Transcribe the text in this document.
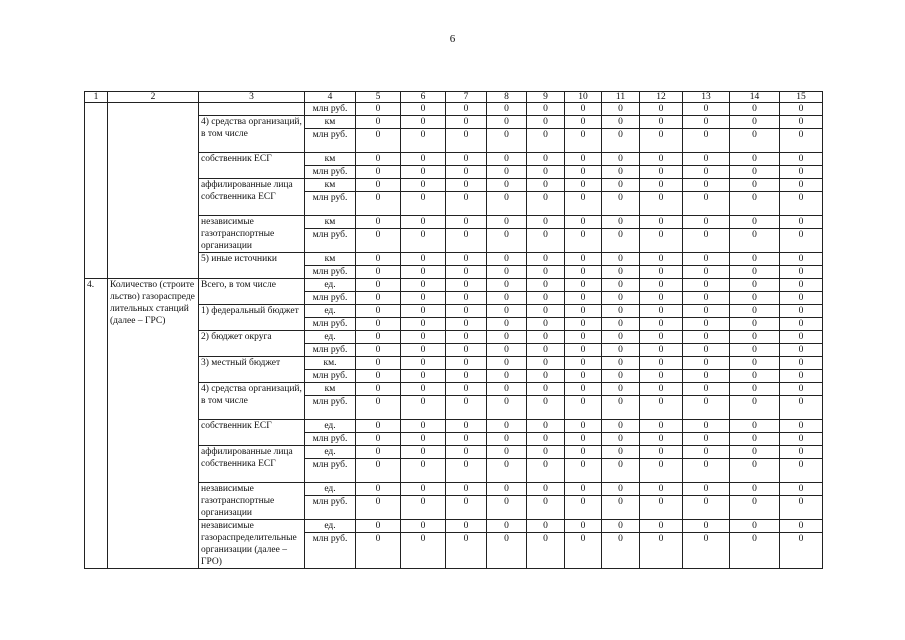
6
1	2	3	4	5	6	7	8	9	10	11	12	13	14	15
			млн руб.	0	0	0	0	0	0	0	0	0	0	0
		4) средства организаций, в том числе	км	0	0	0	0	0	0	0	0	0	0	0
			млн руб.	0	0	0	0	0	0	0	0	0	0	0
		собственник ЕСГ	км	0	0	0	0	0	0	0	0	0	0	0
			млн руб.	0	0	0	0	0	0	0	0	0	0	0
		аффилированные лица собственника ЕСГ	км	0	0	0	0	0	0	0	0	0	0	0
			млн руб.	0	0	0	0	0	0	0	0	0	0	0
		независимые газотранспортные организации	км	0	0	0	0	0	0	0	0	0	0	0
			млн руб.	0	0	0	0	0	0	0	0	0	0	0
		5) иные источники	км	0	0	0	0	0	0	0	0	0	0	0
			млн руб.	0	0	0	0	0	0	0	0	0	0	0
4.	Количество (строительство) газораспределительных станций (далее – ГРС)	Всего, в том числе	ед.	0	0	0	0	0	0	0	0	0	0	0
			млн руб.	0	0	0	0	0	0	0	0	0	0	0
		1) федеральный бюджет	ед.	0	0	0	0	0	0	0	0	0	0	0
			млн руб.	0	0	0	0	0	0	0	0	0	0	0
		2) бюджет округа	ед.	0	0	0	0	0	0	0	0	0	0	0
			млн руб.	0	0	0	0	0	0	0	0	0	0	0
		3) местный бюджет	км.	0	0	0	0	0	0	0	0	0	0	0
			млн руб.	0	0	0	0	0	0	0	0	0	0	0
		4) средства организаций, в том числе	км	0	0	0	0	0	0	0	0	0	0	0
			млн руб.	0	0	0	0	0	0	0	0	0	0	0
		собственник ЕСГ	ед.	0	0	0	0	0	0	0	0	0	0	0
			млн руб.	0	0	0	0	0	0	0	0	0	0	0
		аффилированные лица собственника ЕСГ	ед.	0	0	0	0	0	0	0	0	0	0	0
			млн руб.	0	0	0	0	0	0	0	0	0	0	0
		независимые газотранспортные организации	ед.	0	0	0	0	0	0	0	0	0	0	0
			млн руб.	0	0	0	0	0	0	0	0	0	0	0
		независимые газораспределительные организации (далее – ГРО)	ед.	0	0	0	0	0	0	0	0	0	0	0
			млн руб.	0	0	0	0	0	0	0	0	0	0	0
